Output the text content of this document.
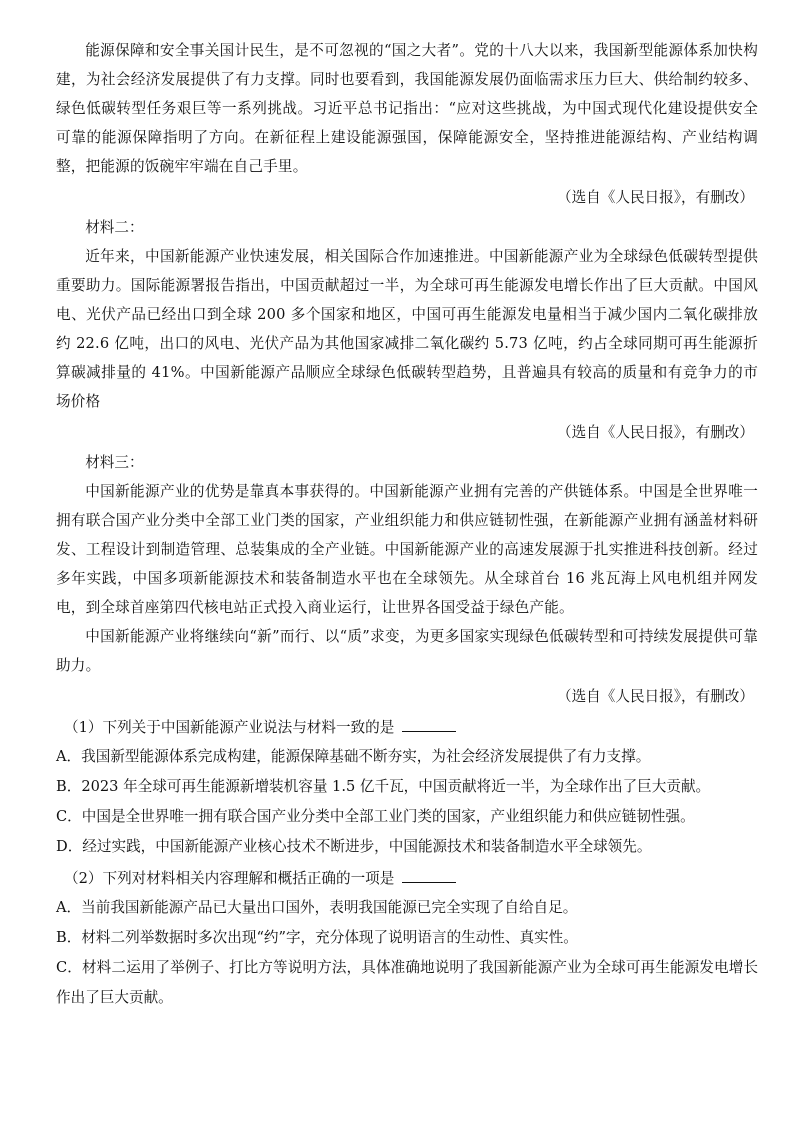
能源保障和安全事关国计民生，是不可忽视的“国之大者”。党的十八大以来，我国新型能源体系加快构建，为社会经济发展提供了有力支撑。同时也要看到，我国能源发展仍面临需求压力巨大、供给制约较多、绿色低碳转型任务艰巨等一系列挑战。习近平总书记指出：“应对这些挑战，为中国式现代化建设提供安全可靠的能源保障指明了方向。在新征程上建设能源强国，保障能源安全，坚持推进能源结构、产业结构调整，把能源的饭碗牢牢端在自己手里。

（选自《人民日报》，有删改）

材料二：

近年来，中国新能源产业快速发展，相关国际合作加速推进。中国新能源产业为全球绿色低碳转型提供重要助力。国际能源署报告指出，中国贡献超过一半，为全球可再生能源发电增长作出了巨大贡献。中国风电、光伏产品已经出口到全球 200 多个国家和地区，中国可再生能源发电量相当于减少国内二氧化碳排放约 22.6 亿吨，出口的风电、光伏产品为其他国家减排二氧化碳约 5.73 亿吨，约占全球同期可再生能源折算碳减排量的 41%。中国新能源产品顺应全球绿色低碳转型趋势，且普遍具有较高的质量和有竞争力的市场价格

（选自《人民日报》，有删改）

材料三：

中国新能源产业的优势是靠真本事获得的。中国新能源产业拥有完善的产供链体系。中国是全世界唯一拥有联合国产业分类中全部工业门类的国家，产业组织能力和供应链韧性强，在新能源产业拥有涵盖材料研发、工程设计到制造管理、总装集成的全产业链。中国新能源产业的高速发展源于扎实推进科技创新。经过多年实践，中国多项新能源技术和装备制造水平也在全球领先。从全球首台 16 兆瓦海上风电机组并网发电，到全球首座第四代核电站正式投入商业运行，让世界各国受益于绿色产能。

中国新能源产业将继续向“新”而行、以“质”求变，为更多国家实现绿色低碳转型和可持续发展提供可靠助力。

（选自《人民日报》，有删改）

（1）下列关于中国新能源产业说法与材料一致的是

A．我国新型能源体系完成构建，能源保障基础不断夯实，为社会经济发展提供了有力支撑。

B．2023 年全球可再生能源新增装机容量 1.5 亿千瓦，中国贡献将近一半，为全球作出了巨大贡献。

C．中国是全世界唯一拥有联合国产业分类中全部工业门类的国家，产业组织能力和供应链韧性强。

D．经过实践，中国新能源产业核心技术不断进步，中国能源技术和装备制造水平全球领先。

（2）下列对材料相关内容理解和概括正确的一项是

A．当前我国新能源产品已大量出口国外，表明我国能源已完全实现了自给自足。

B．材料二列举数据时多次出现“约”字，充分体现了说明语言的生动性、真实性。

C．材料二运用了举例子、打比方等说明方法，具体准确地说明了我国新能源产业为全球可再生能源发电增长作出了巨大贡献。
